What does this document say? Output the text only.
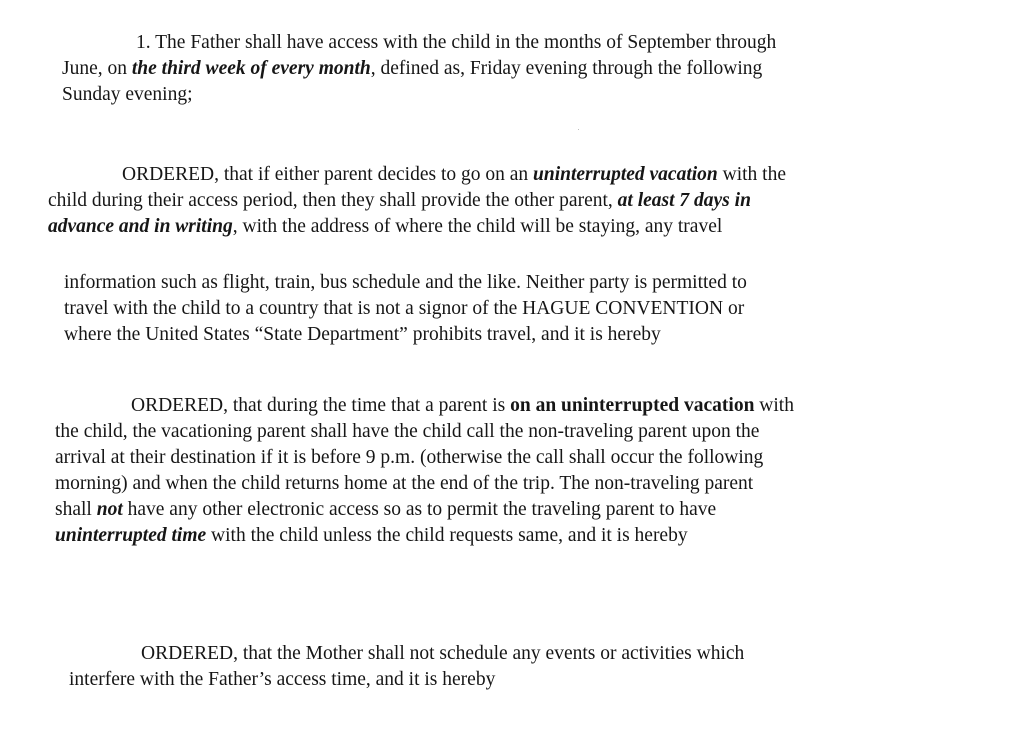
1. The Father shall have access with the child in the months of September through
June, on the third week of every month, defined as, Friday evening through the following
Sunday evening;
ORDERED, that if either parent decides to go on an uninterrupted vacation with the
child during their access period, then they shall provide the other parent, at least 7 days in
advance and in writing, with the address of where the child will be staying, any travel
information such as flight, train, bus schedule and the like. Neither party is permitted to
travel with the child to a country that is not a signor of the HAGUE CONVENTION or
where the United States “State Department” prohibits travel, and it is hereby
ORDERED, that during the time that a parent is on an uninterrupted vacation with
the child, the vacationing parent shall have the child call the non-traveling parent upon the
arrival at their destination if it is before 9 p.m. (otherwise the call shall occur the following
morning) and when the child returns home at the end of the trip. The non-traveling parent
shall not have any other electronic access so as to permit the traveling parent to have
uninterrupted time with the child unless the child requests same, and it is hereby
ORDERED, that the Mother shall not schedule any events or activities which
interfere with the Father’s access time, and it is hereby
